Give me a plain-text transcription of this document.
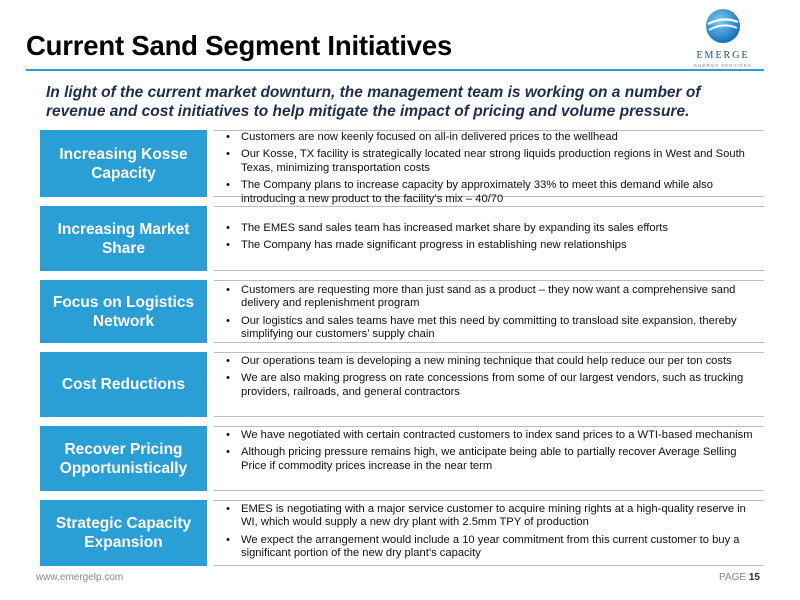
Current Sand Segment Initiatives	EMERGE
ENERGY SERVICES
In light of the current market downturn, the management team is working on a number of revenue and cost initiatives to help mitigate the impact of pricing and volume pressure.
Increasing Kosse Capacity
• Customers are now keenly focused on all-in delivered prices to the wellhead
• Our Kosse, TX facility is strategically located near strong liquids production regions in West and South Texas, minimizing transportation costs
• The Company plans to increase capacity by approximately 33% to meet this demand while also introducing a new product to the facility’s mix – 40/70
Increasing Market Share
• The EMES sand sales team has increased market share by expanding its sales efforts
• The Company has made significant progress in establishing new relationships
Focus on Logistics Network
• Customers are requesting more than just sand as a product – they now want a comprehensive sand delivery and replenishment program
• Our logistics and sales teams have met this need by committing to transload site expansion, thereby simplifying our customers’ supply chain
Cost Reductions
• Our operations team is developing a new mining technique that could help reduce our per ton costs
• We are also making progress on rate concessions from some of our largest vendors, such as trucking providers, railroads, and general contractors
Recover Pricing Opportunistically
• We have negotiated with certain contracted customers to index sand prices to a WTI-based mechanism
• Although pricing pressure remains high, we anticipate being able to partially recover Average Selling Price if commodity prices increase in the near term
Strategic Capacity Expansion
• EMES is negotiating with a major service customer to acquire mining rights at a high-quality reserve in WI, which would supply a new dry plant with 2.5mm TPY of production
• We expect the arrangement would include a 10 year commitment from this current customer to buy a significant portion of the new dry plant’s capacity
www.emergelp.com	PAGE 15
